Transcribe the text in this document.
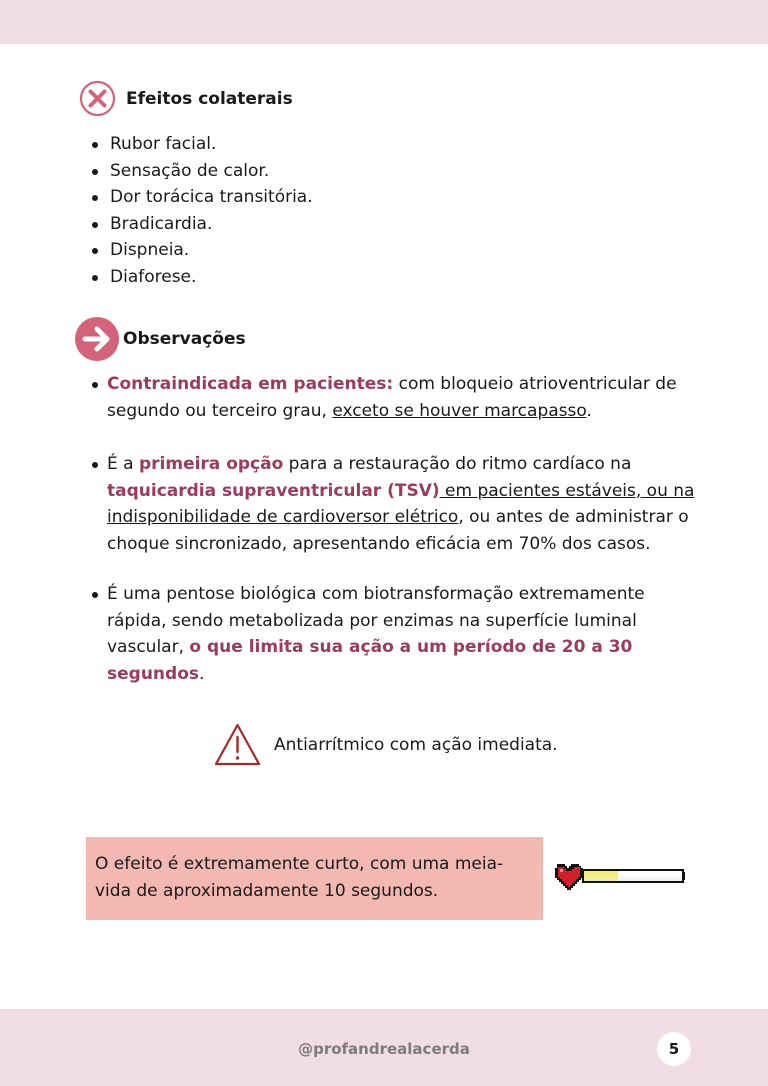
Efeitos colaterais
Rubor facial.
Sensação de calor.
Dor torácica transitória.
Bradicardia.
Dispneia.
Diaforese.
Observações
Contraindicada em pacientes: com bloqueio atrioventricular de segundo ou terceiro grau, exceto se houver marcapasso.
É a primeira opção para a restauração do ritmo cardíaco na taquicardia supraventricular (TSV) em pacientes estáveis, ou na indisponibilidade de cardioversor elétrico, ou antes de administrar o choque sincronizado, apresentando eficácia em 70% dos casos.
É uma pentose biológica com biotransformação extremamente rápida, sendo metabolizada por enzimas na superfície luminal vascular, o que limita sua ação a um período de 20 a 30 segundos.
Antiarrítmico com ação imediata.
O efeito é extremamente curto, com uma meia-vida de aproximadamente 10 segundos.
@profandrealacerda	5
